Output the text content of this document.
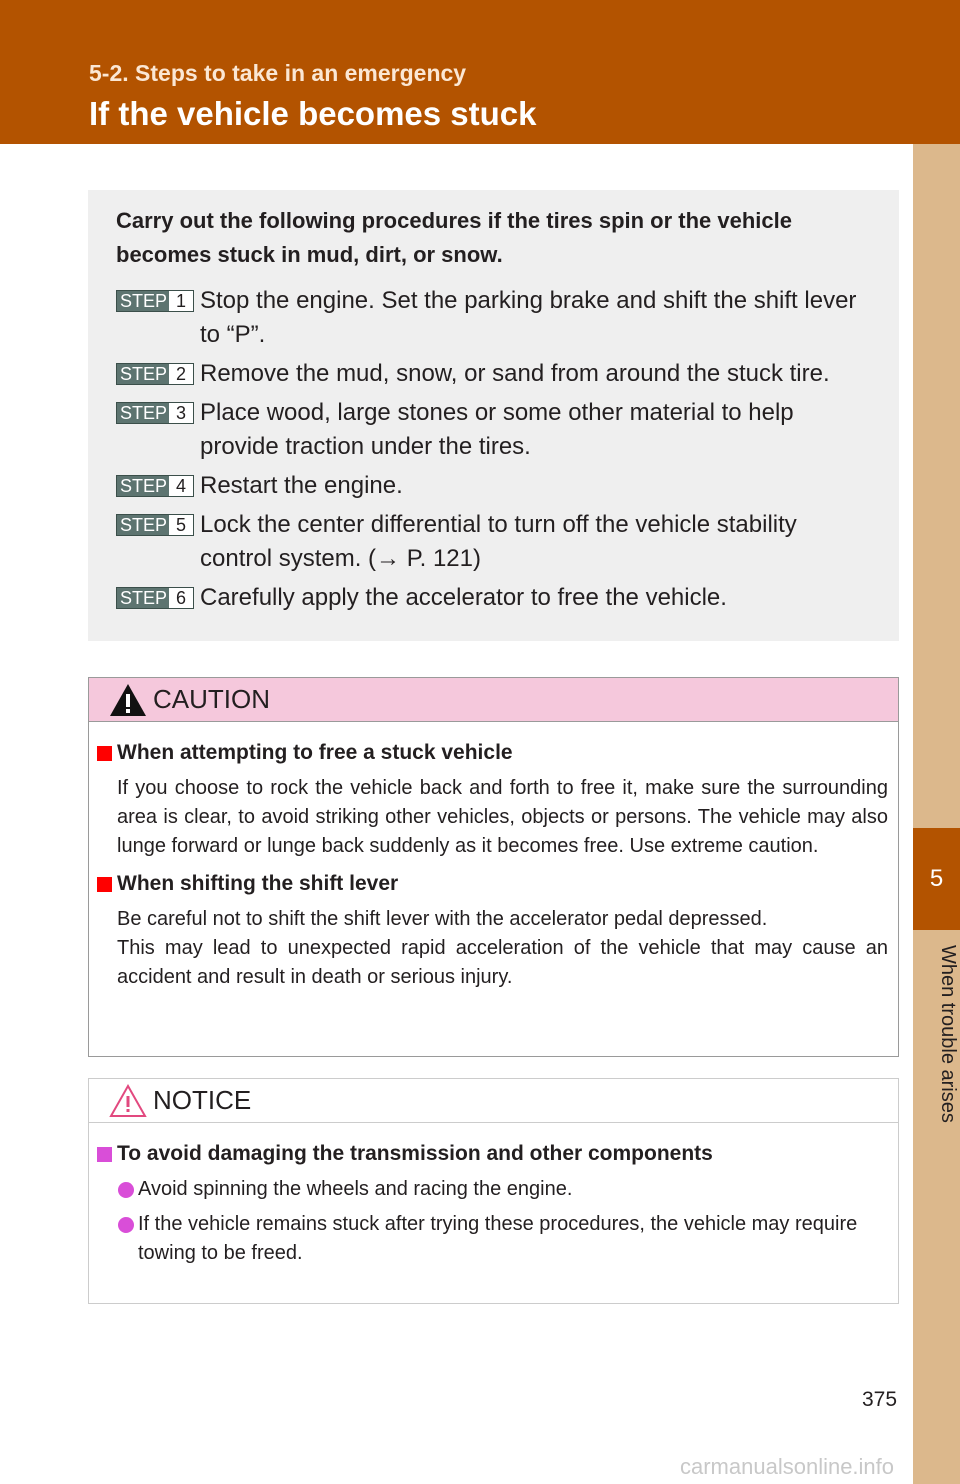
5-2. Steps to take in an emergency
If the vehicle becomes stuck
5
When trouble arises
Carry out the following procedures if the tires spin or the vehicle becomes stuck in mud, dirt, or snow.
STEP 1 Stop the engine. Set the parking brake and shift the shift lever to “P”.
STEP 2 Remove the mud, snow, or sand from around the stuck tire.
STEP 3 Place wood, large stones or some other material to help provide traction under the tires.
STEP 4 Restart the engine.
STEP 5 Lock the center differential to turn off the vehicle stability control system. (→ P. 121)
STEP 6 Carefully apply the accelerator to free the vehicle.
CAUTION
When attempting to free a stuck vehicle
If you choose to rock the vehicle back and forth to free it, make sure the surrounding area is clear, to avoid striking other vehicles, objects or persons. The vehicle may also lunge forward or lunge back suddenly as it becomes free. Use extreme caution.
When shifting the shift lever
Be careful not to shift the shift lever with the accelerator pedal depressed.
This may lead to unexpected rapid acceleration of the vehicle that may cause an accident and result in death or serious injury.
NOTICE
To avoid damaging the transmission and other components
Avoid spinning the wheels and racing the engine.
If the vehicle remains stuck after trying these procedures, the vehicle may require towing to be freed.
375
carmanualsonline.info
